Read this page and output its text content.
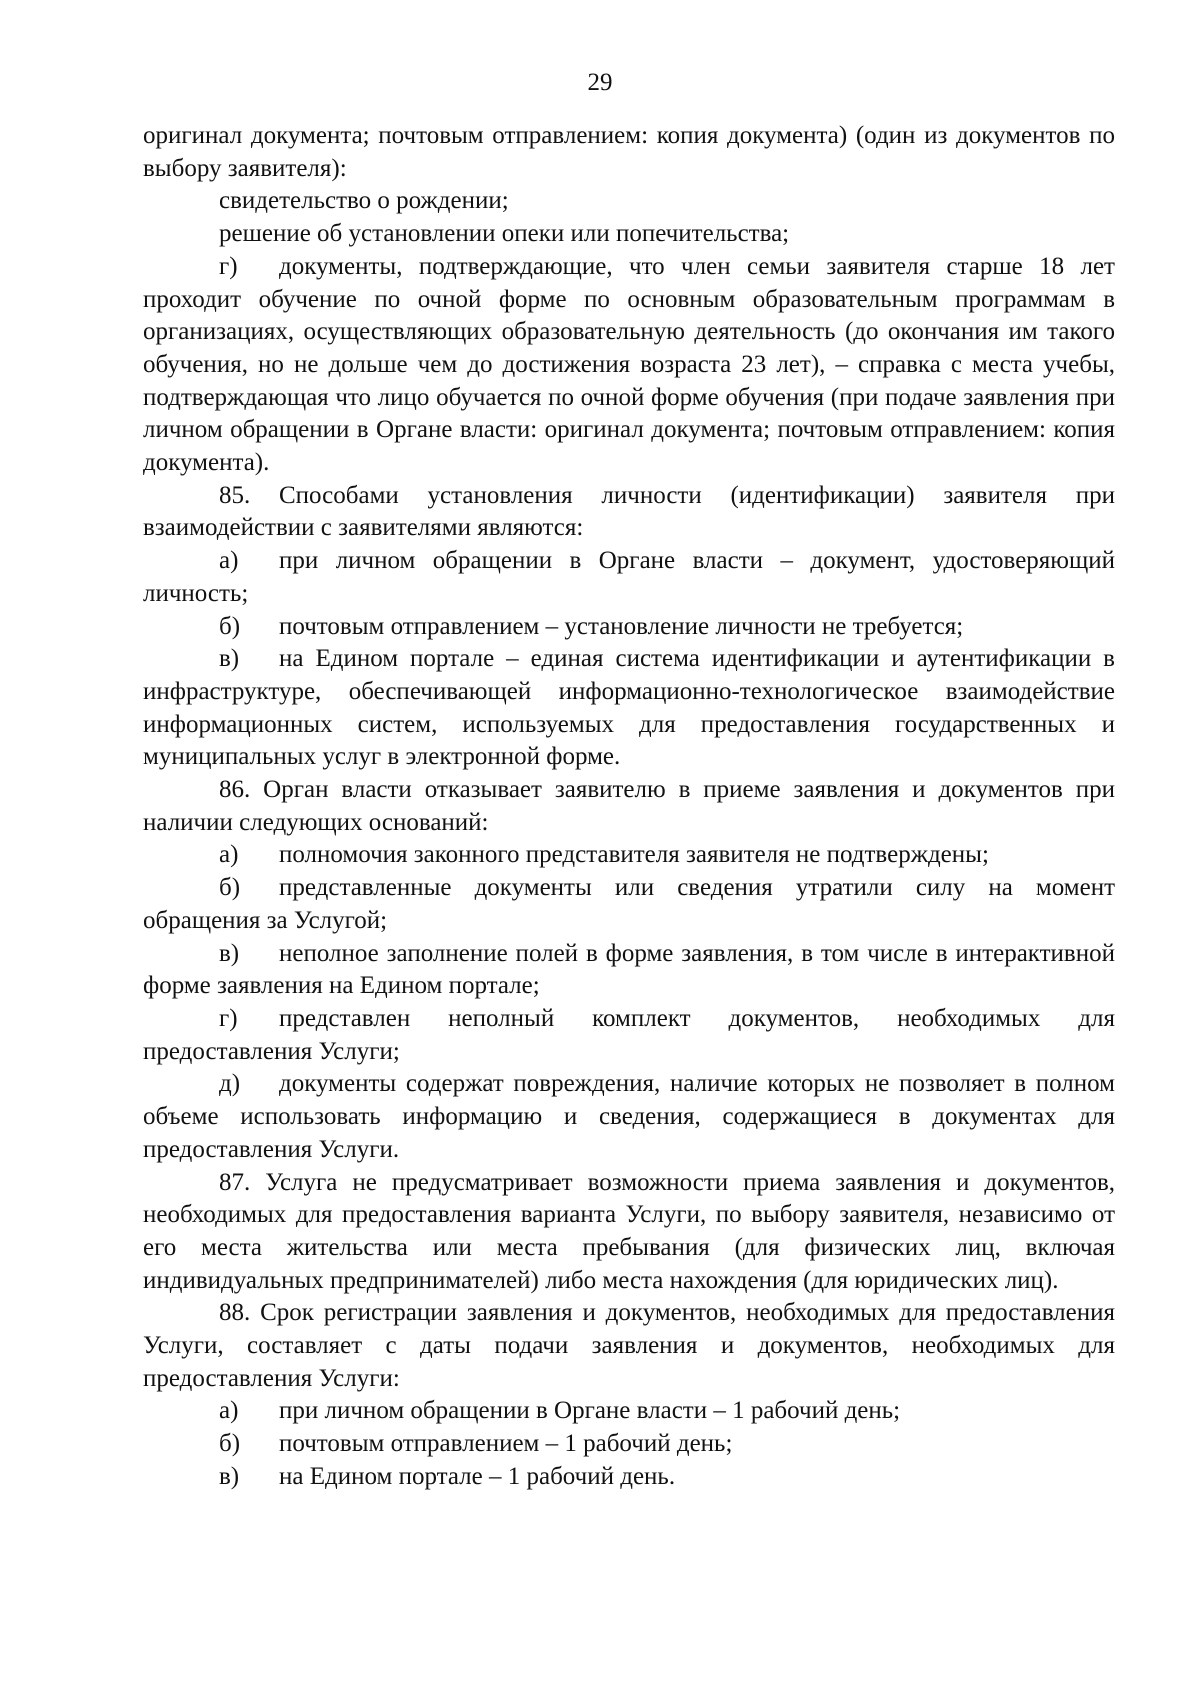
29

оригинал документа; почтовым отправлением: копия документа) (один из документов по выбору заявителя):

свидетельство о рождении;

решение об установлении опеки или попечительства;

г) документы, подтверждающие, что член семьи заявителя старше 18 лет проходит обучение по очной форме по основным образовательным программам в организациях, осуществляющих образовательную деятельность (до окончания им такого обучения, но не дольше чем до достижения возраста 23 лет), – справка с места учебы, подтверждающая что лицо обучается по очной форме обучения (при подаче заявления при личном обращении в Органе власти: оригинал документа; почтовым отправлением: копия документа).

85. Способами установления личности (идентификации) заявителя при взаимодействии с заявителями являются:

а) при личном обращении в Органе власти – документ, удостоверяющий личность;

б) почтовым отправлением – установление личности не требуется;

в) на Едином портале – единая система идентификации и аутентификации в инфраструктуре, обеспечивающей информационно-технологическое взаимодействие информационных систем, используемых для предоставления государственных и муниципальных услуг в электронной форме.

86. Орган власти отказывает заявителю в приеме заявления и документов при наличии следующих оснований:

а) полномочия законного представителя заявителя не подтверждены;

б) представленные документы или сведения утратили силу на момент обращения за Услугой;

в) неполное заполнение полей в форме заявления, в том числе в интерактивной форме заявления на Едином портале;

г) представлен неполный комплект документов, необходимых для предоставления Услуги;

д) документы содержат повреждения, наличие которых не позволяет в полном объеме использовать информацию и сведения, содержащиеся в документах для предоставления Услуги.

87. Услуга не предусматривает возможности приема заявления и документов, необходимых для предоставления варианта Услуги, по выбору заявителя, независимо от его места жительства или места пребывания (для физических лиц, включая индивидуальных предпринимателей) либо места нахождения (для юридических лиц).

88. Срок регистрации заявления и документов, необходимых для предоставления Услуги, составляет с даты подачи заявления и документов, необходимых для предоставления Услуги:

а) при личном обращении в Органе власти – 1 рабочий день;

б) почтовым отправлением – 1 рабочий день;

в) на Едином портале – 1 рабочий день.
